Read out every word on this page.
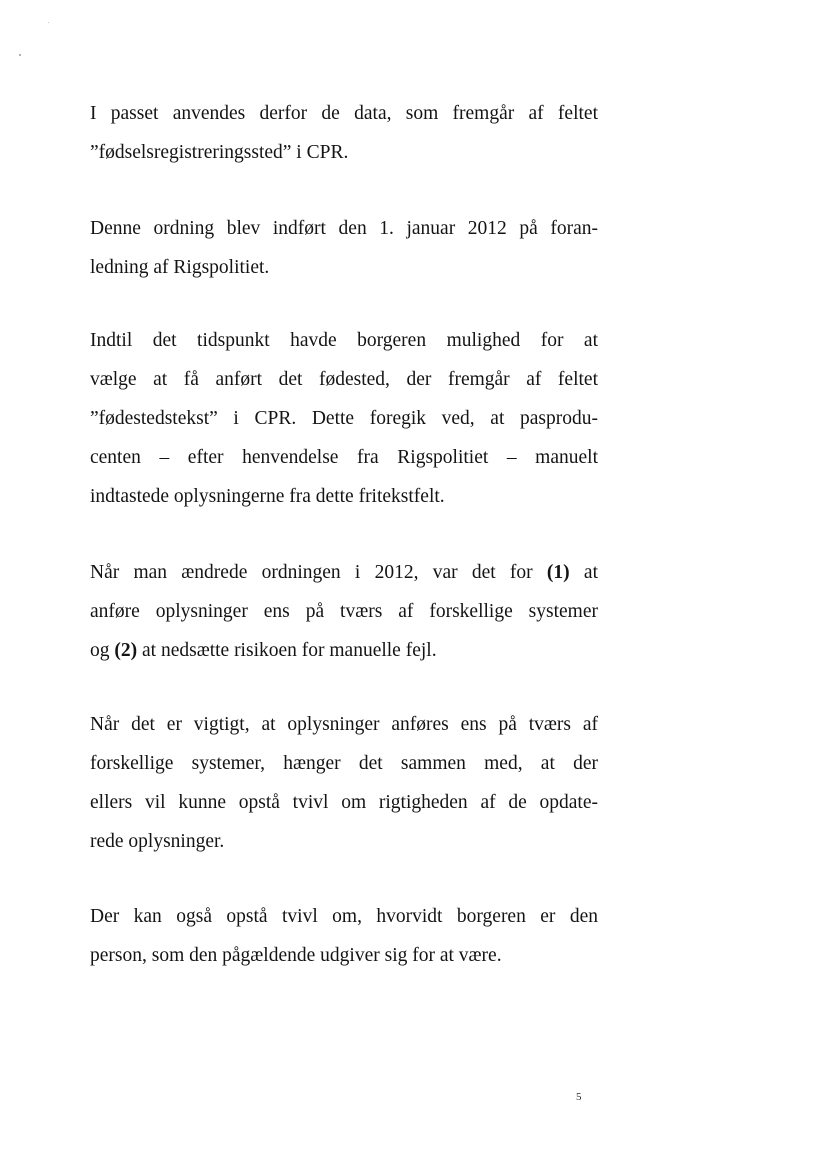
I passet anvendes derfor de data, som fremgår af feltet
”fødselsregistreringssted” i CPR.

Denne ordning blev indført den 1. januar 2012 på foran-
ledning af Rigspolitiet.

Indtil det tidspunkt havde borgeren mulighed for at
vælge at få anført det fødested, der fremgår af feltet
”fødestedstekst” i CPR. Dette foregik ved, at pasprodu-
centen – efter henvendelse fra Rigspolitiet – manuelt
indtastede oplysningerne fra dette fritekstfelt.

Når man ændrede ordningen i 2012, var det for (1) at
anføre oplysninger ens på tværs af forskellige systemer
og (2) at nedsætte risikoen for manuelle fejl.

Når det er vigtigt, at oplysninger anføres ens på tværs af
forskellige systemer, hænger det sammen med, at der
ellers vil kunne opstå tvivl om rigtigheden af de opdate-
rede oplysninger.

Der kan også opstå tvivl om, hvorvidt borgeren er den
person, som den pågældende udgiver sig for at være.

5
